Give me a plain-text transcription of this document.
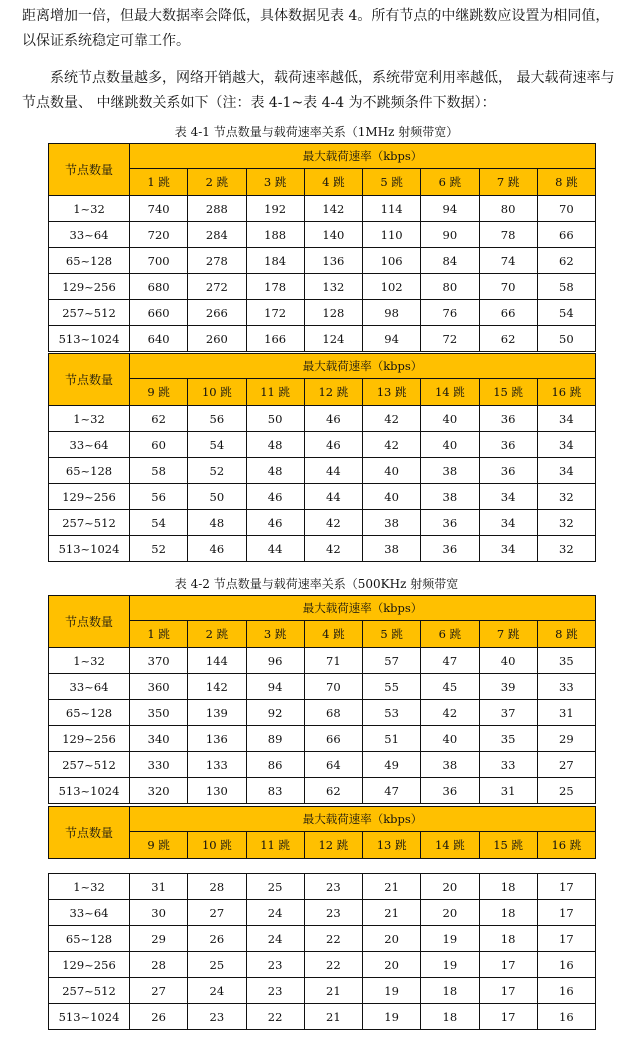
距离增加一倍，但最大数据率会降低，具体数据见表 4。所有节点的中继跳数应设置为相同值，以保证系统稳定可靠工作。

系统节点数量越多，网络开销越大，载荷速率越低，系统带宽利用率越低， 最大载荷速率与节点数量、 中继跳数关系如下（注：表 4-1~表 4-4 为不跳频条件下数据）：

表 4-1 节点数量与载荷速率关系（1MHz 射频带宽）
节点数量	最大载荷速率（kbps）							
	1 跳	2 跳	3 跳	4 跳	5 跳	6 跳	7 跳	8 跳
1~32	740	288	192	142	114	94	80	70
33~64	720	284	188	140	110	90	78	66
65~128	700	278	184	136	106	84	74	62
129~256	680	272	178	132	102	80	70	58
257~512	660	266	172	128	98	76	66	54
513~1024	640	260	166	124	94	72	62	50
节点数量	最大载荷速率（kbps）							
	9 跳	10 跳	11 跳	12 跳	13 跳	14 跳	15 跳	16 跳
1~32	62	56	50	46	42	40	36	34
33~64	60	54	48	46	42	40	36	34
65~128	58	52	48	44	40	38	36	34
129~256	56	50	46	44	40	38	34	32
257~512	54	48	46	42	38	36	34	32
513~1024	52	46	44	42	38	36	34	32
表 4-2 节点数量与载荷速率关系（500KHz 射频带宽
节点数量	最大载荷速率（kbps）							
	1 跳	2 跳	3 跳	4 跳	5 跳	6 跳	7 跳	8 跳
1~32	370	144	96	71	57	47	40	35
33~64	360	142	94	70	55	45	39	33
65~128	350	139	92	68	53	42	37	31
129~256	340	136	89	66	51	40	35	29
257~512	330	133	86	64	49	38	33	27
513~1024	320	130	83	62	47	36	31	25
节点数量	最大载荷速率（kbps）							
	9 跳	10 跳	11 跳	12 跳	13 跳	14 跳	15 跳	16 跳
1~32	31	28	25	23	21	20	18	17
33~64	30	27	24	23	21	20	18	17
65~128	29	26	24	22	20	19	18	17
129~256	28	25	23	22	20	19	17	16
257~512	27	24	23	21	19	18	17	16
513~1024	26	23	22	21	19	18	17	16
